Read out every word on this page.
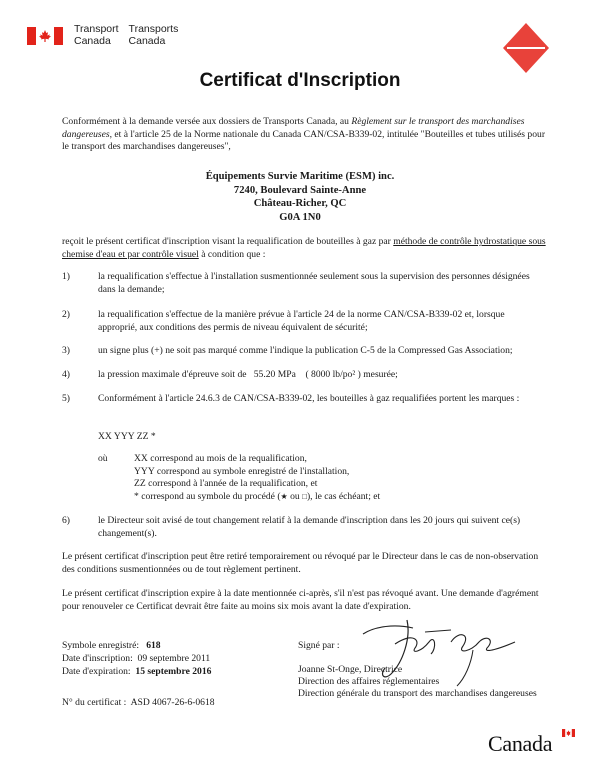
Transport
Canada
Transports
Canada
Certificat d'Inscription
Conformément à la demande versée aux dossiers de Transports Canada, au Règlement sur le transport des marchandises dangereuses, et à l'article 25 de la Norme nationale du Canada CAN/CSA-B339-02, intitulée "Bouteilles et tubes utilisés pour le transport des marchandises dangereuses",
Équipements Survie Maritime (ESM) inc.
7240, Boulevard Sainte-Anne
Château-Richer, QC
G0A 1N0
reçoit le présent certificat d'inscription visant la requalification de bouteilles à gaz par méthode de contrôle hydrostatique sous chemise d'eau et par contrôle visuel à condition que :
1)	la requalification s'effectue à l'installation susmentionnée seulement sous la supervision des personnes désignées dans la demande;
2)	la requalification s'effectue de la manière prévue à l'article 24 de la norme CAN/CSA-B339-02 et, lorsque approprié, aux conditions des permis de niveau équivalent de sécurité;
3)	un signe plus (+) ne soit pas marqué comme l'indique la publication C-5 de la Compressed Gas Association;
4)	la pression maximale d'épreuve soit de 55.20 MPa ( 8000 lb/po² ) mesurée;
5)	Conformément à l'article 24.6.3 de CAN/CSA-B339-02, les bouteilles à gaz requalifiées portent les marques :
XX YYY ZZ *
où	XX correspond au mois de la requalification,
YYY correspond au symbole enregistré de l'installation,
ZZ correspond à l'année de la requalification, et
* correspond au symbole du procédé (★ ou □), le cas échéant; et
6)	le Directeur soit avisé de tout changement relatif à la demande d'inscription dans les 20 jours qui suivent ce(s) changement(s).
Le présent certificat d'inscription peut être retiré temporairement ou révoqué par le Directeur dans le cas de non-observation des conditions susmentionnées ou de tout règlement pertinent.
Le présent certificat d'inscription expire à la date mentionnée ci-après, s'il n'est pas révoqué avant. Une demande d'agrément pour renouveler ce Certificat devrait être faite au moins six mois avant la date d'expiration.
Symbole enregistré: 618
Date d'inscription: 09 septembre 2011
Date d'expiration: 15 septembre 2016
Signé par :
Joanne St-Onge, Directrice
Direction des affaires réglementaires
Direction générale du transport des marchandises dangereuses
N° du certificat : ASD 4067-26-6-0618
Canada
